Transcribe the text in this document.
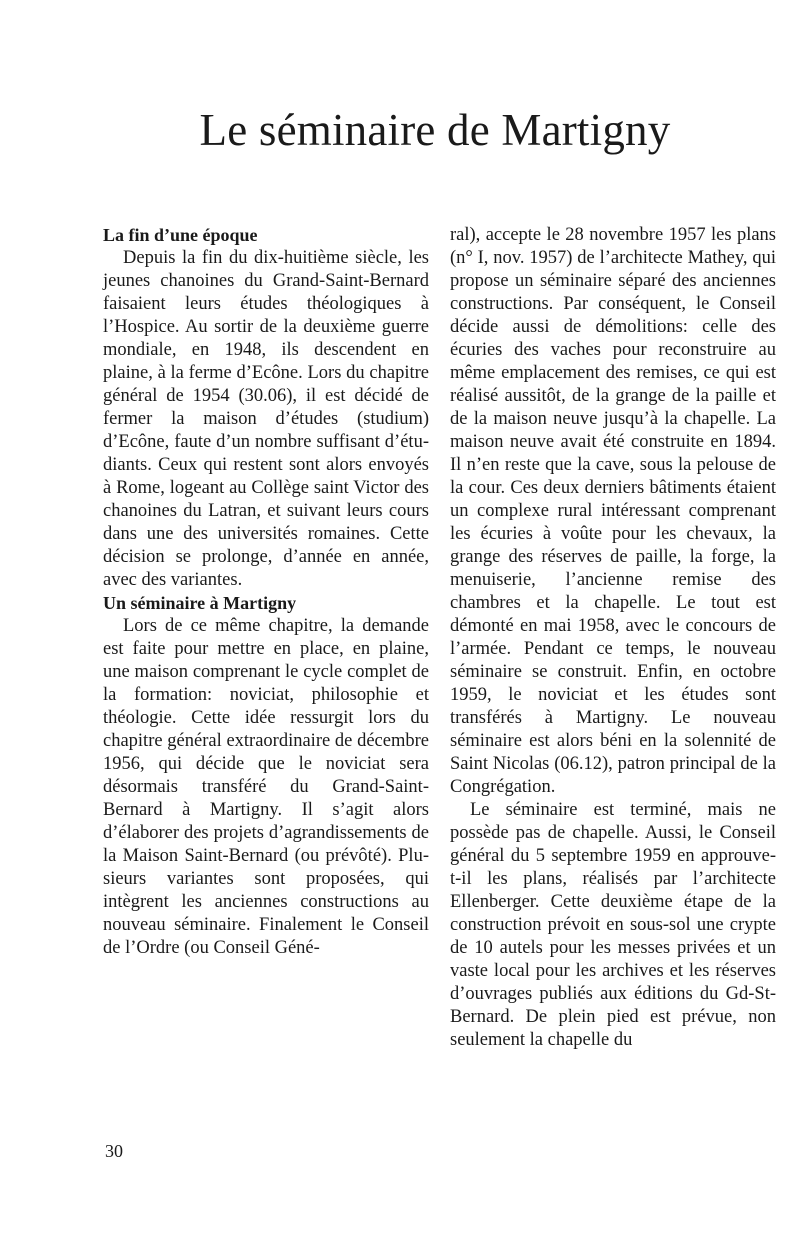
Le séminaire de Martigny
La fin d’une époque

Depuis la fin du dix-huitième siècle, les jeunes chanoines du Grand-Saint-Bernard faisaient leurs études théologiques à l’Hospice. Au sortir de la deuxième guerre mondiale, en 1948, ils descendent en plaine, à la ferme d’Ecône. Lors du chapitre général de 1954 (30.06), il est décidé de fermer la maison d’études (studium) d’Ecône, faute d’un nombre suffisant d’étudiants. Ceux qui restent sont alors envoyés à Rome, logeant au Collège saint Victor des chanoines du Latran, et suivant leurs cours dans une des universités romaines. Cette décision se prolonge, d’année en année, avec des variantes.

Un séminaire à Martigny

Lors de ce même chapitre, la demande est faite pour mettre en place, en plaine, une maison comprenant le cycle complet de la formation: noviciat, philosophie et théologie. Cette idée ressurgit lors du chapitre général extraordinaire de décembre 1956, qui décide que le noviciat sera désormais transféré du Grand-Saint-Bernard à Martigny. Il s’agit alors d’élaborer des projets d’agrandissements de la Maison Saint-Bernard (ou prévôté). Plusieurs variantes sont proposées, qui intègrent les anciennes constructions au nouveau séminaire. Finalement le Conseil de l’Ordre (ou Conseil Géné-

ral), accepte le 28 novembre 1957 les plans (n° I, nov. 1957) de l’architecte Mathey, qui propose un séminaire séparé des anciennes constructions. Par conséquent, le Conseil décide aussi de démolitions: celle des écuries des vaches pour reconstruire au même emplacement des remises, ce qui est réalisé aussitôt, de la grange de la paille et de la maison neuve jusqu’à la chapelle. La maison neuve avait été construite en 1894. Il n’en reste que la cave, sous la pelouse de la cour. Ces deux derniers bâtiments étaient un complexe rural intéressant comprenant les écuries à voûte pour les chevaux, la grange des réserves de paille, la forge, la menuiserie, l’ancienne remise des chambres et la chapelle. Le tout est démonté en mai 1958, avec le concours de l’armée. Pendant ce temps, le nouveau séminaire se construit. Enfin, en octobre 1959, le noviciat et les études sont transférés à Martigny. Le nouveau séminaire est alors béni en la solennité de Saint Nicolas (06.12), patron principal de la Congrégation.

Le séminaire est terminé, mais ne possède pas de chapelle. Aussi, le Conseil général du 5 septembre 1959 en approuve-t-il les plans, réalisés par l’architecte Ellenberger. Cette deuxième étape de la construction prévoit en sous-sol une crypte de 10 autels pour les messes privées et un vaste local pour les archives et les réserves d’ouvrages publiés aux éditions du Gd-St-Bernard. De plein pied est prévue, non seulement la chapelle du

30
